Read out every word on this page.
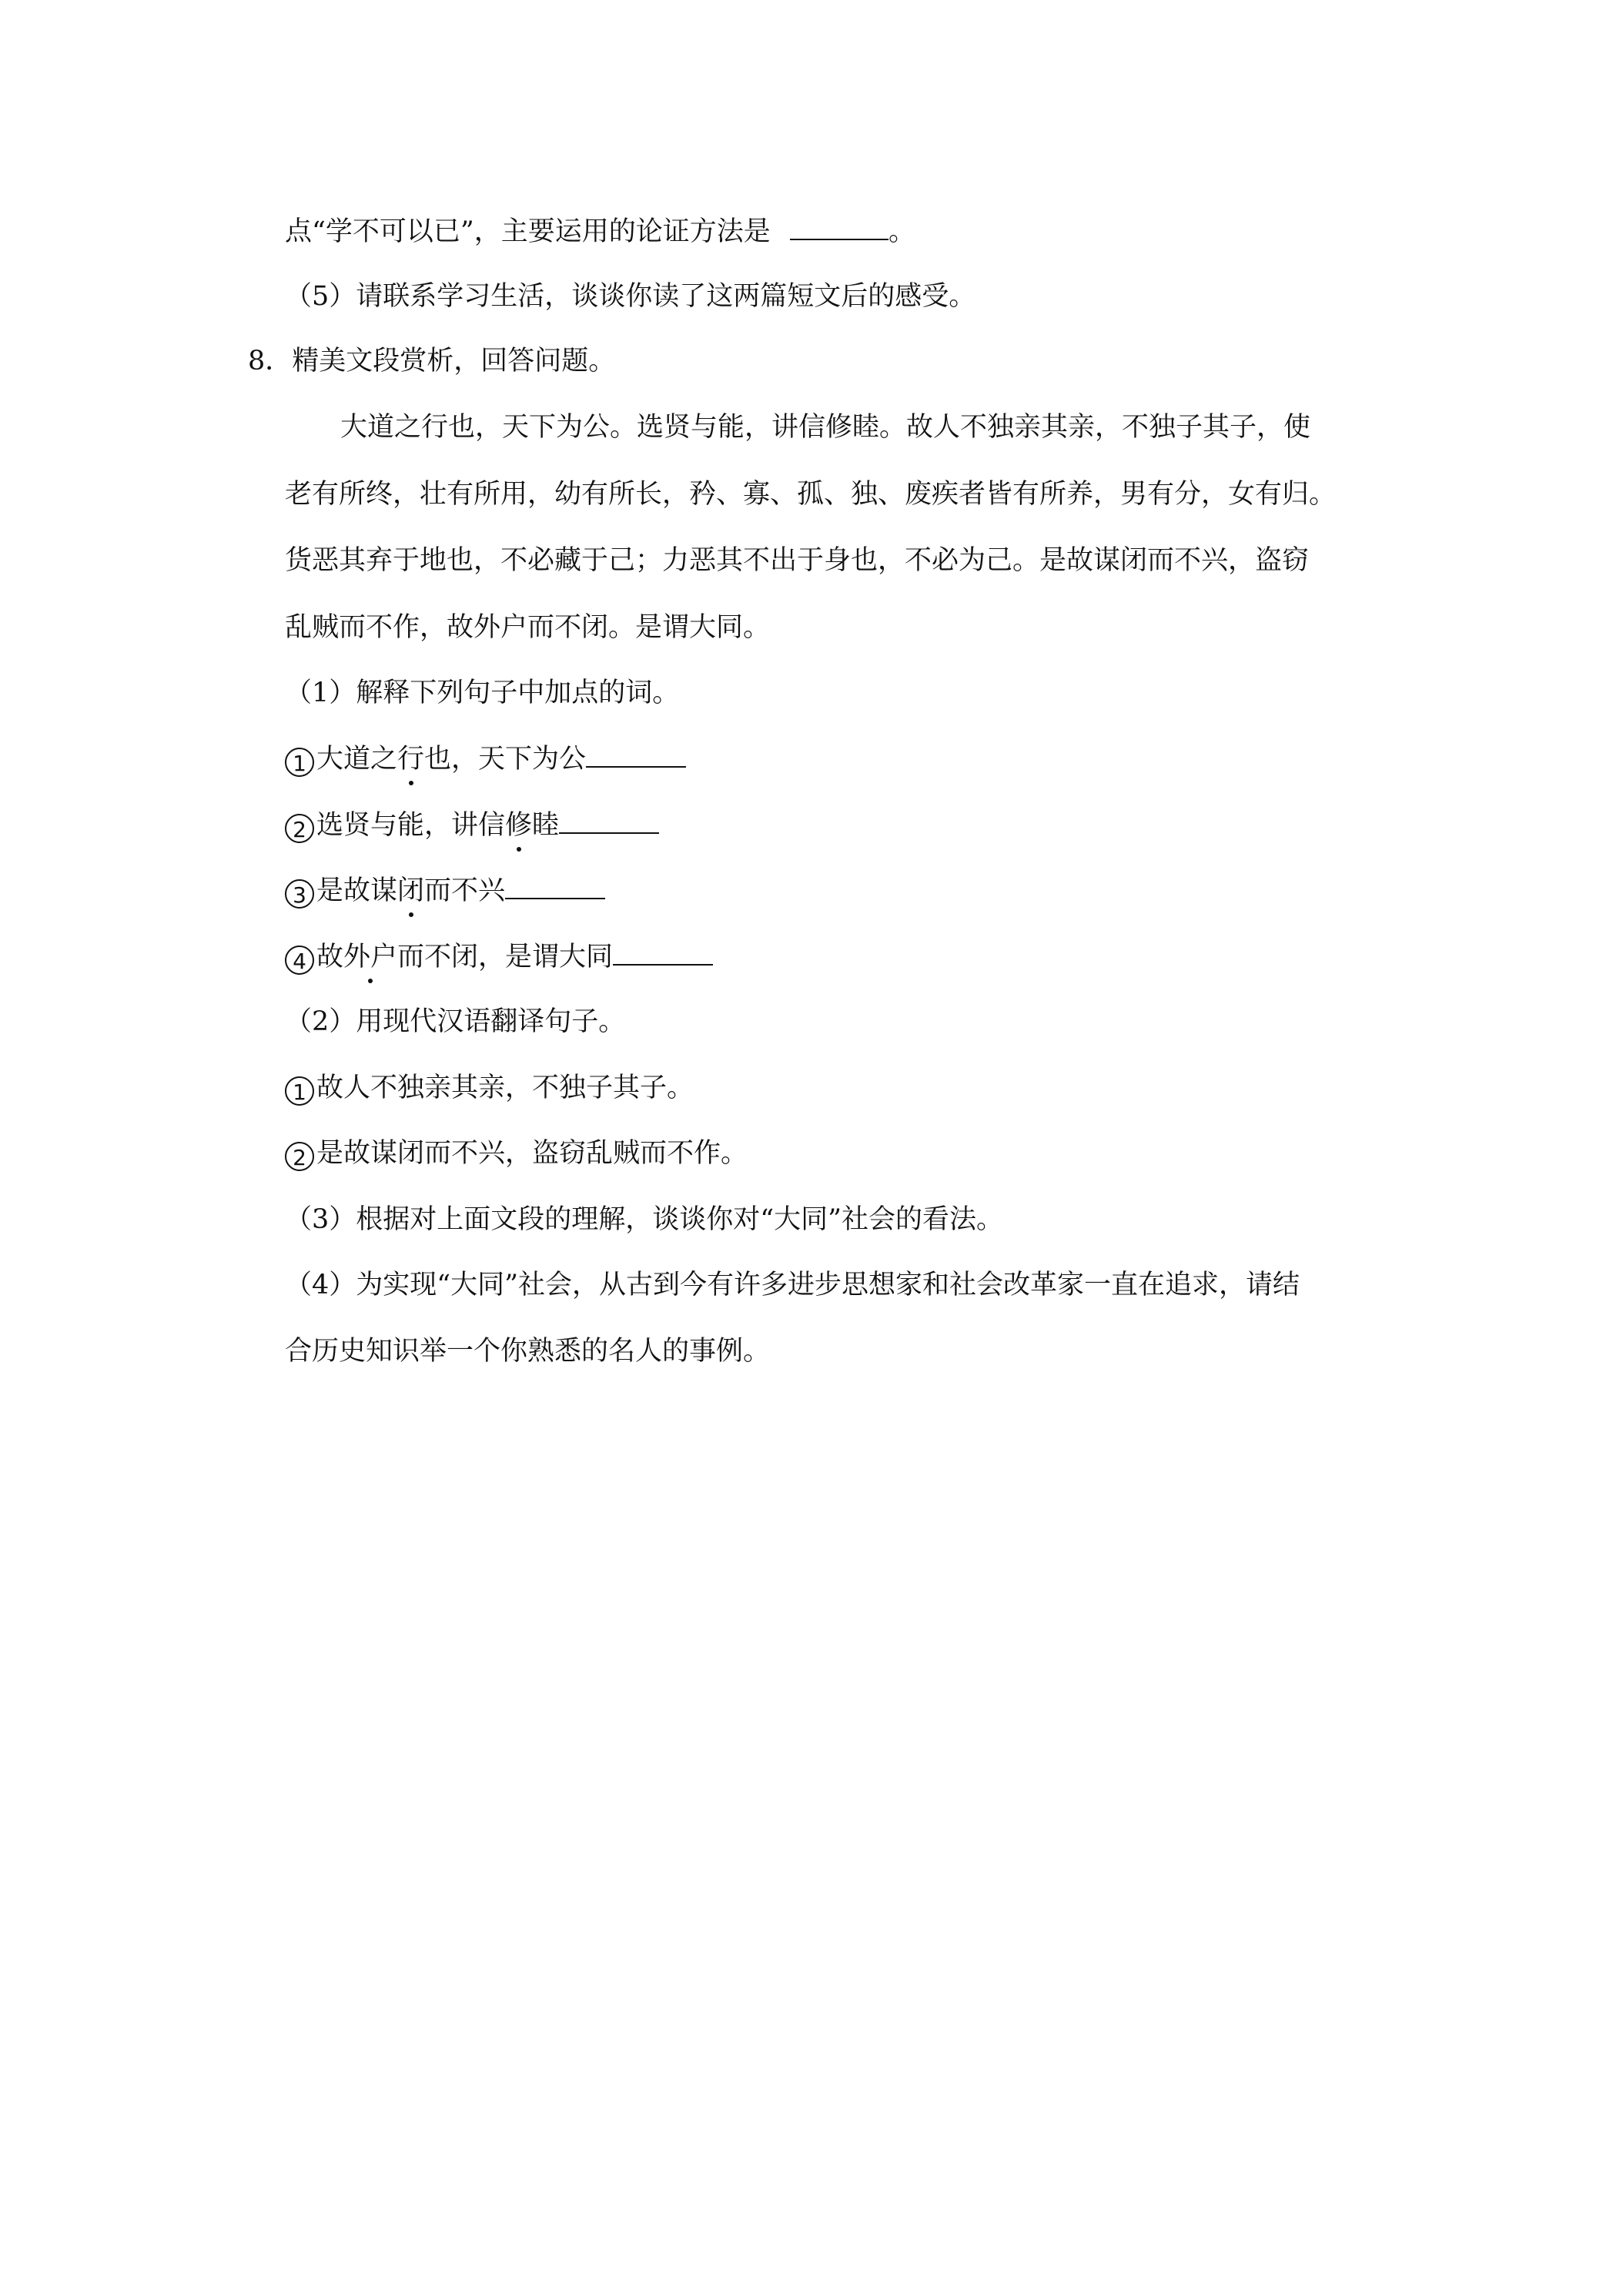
点“学不可以已”，主要运用的论证方法是	。
（5）请联系学习生活，谈谈你读了这两篇短文后的感受。
8．精美文段赏析，回答问题。
大道之行也，天下为公。选贤与能，讲信修睦。故人不独亲其亲，不独子其子，使
老有所终，壮有所用，幼有所长，矜、寡、孤、独、废疾者皆有所养，男有分，女有归。
货恶其弃于地也，不必藏于己；力恶其不出于身也，不必为己。是故谋闭而不兴，盗窃
乱贼而不作，故外户而不闭。是谓大同。
（1）解释下列句子中加点的词。
1 大道之行也，天下为公
2 选贤与能，讲信修睦
3 是故谋闭而不兴
4 故外户而不闭，是谓大同
（2）用现代汉语翻译句子。
1 故人不独亲其亲，不独子其子。
2 是故谋闭而不兴，盗窃乱贼而不作。
（3）根据对上面文段的理解，谈谈你对“大同”社会的看法。
（4）为实现“大同”社会，从古到今有许多进步思想家和社会改革家一直在追求，请结
合历史知识举一个你熟悉的名人的事例。
